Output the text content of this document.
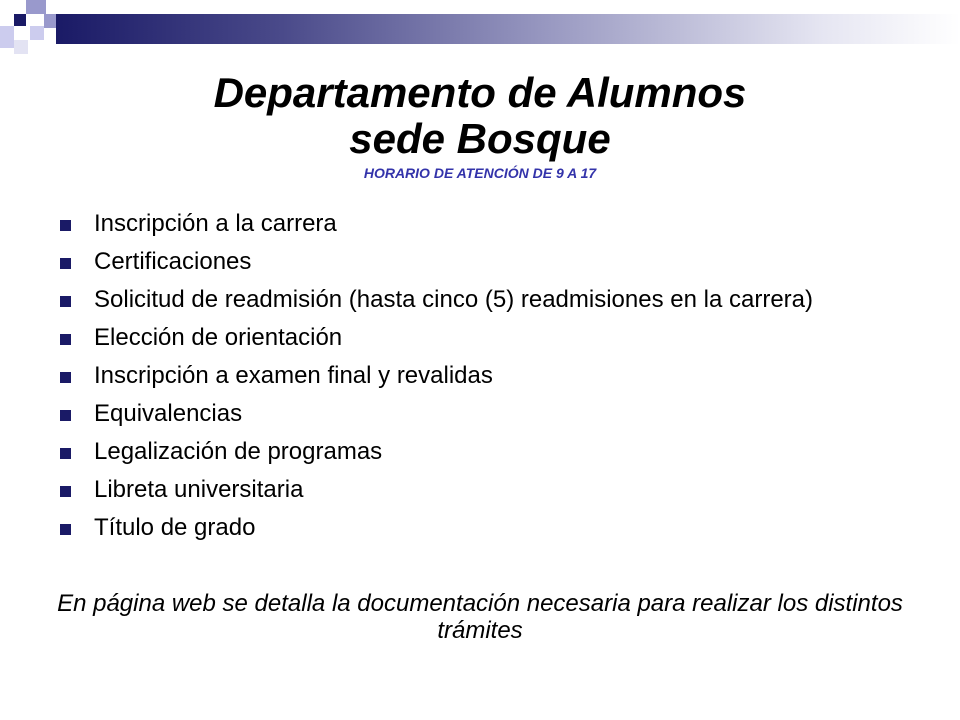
Departamento de Alumnos
sede Bosque
HORARIO DE ATENCIÓN DE 9 A 17
Inscripción a la carrera
Certificaciones
Solicitud de readmisión (hasta cinco (5) readmisiones en la carrera)
Elección de orientación
Inscripción a examen final y revalidas
Equivalencias
Legalización de programas
Libreta universitaria
Título de grado
En página web se detalla la documentación necesaria para realizar los distintos trámites
